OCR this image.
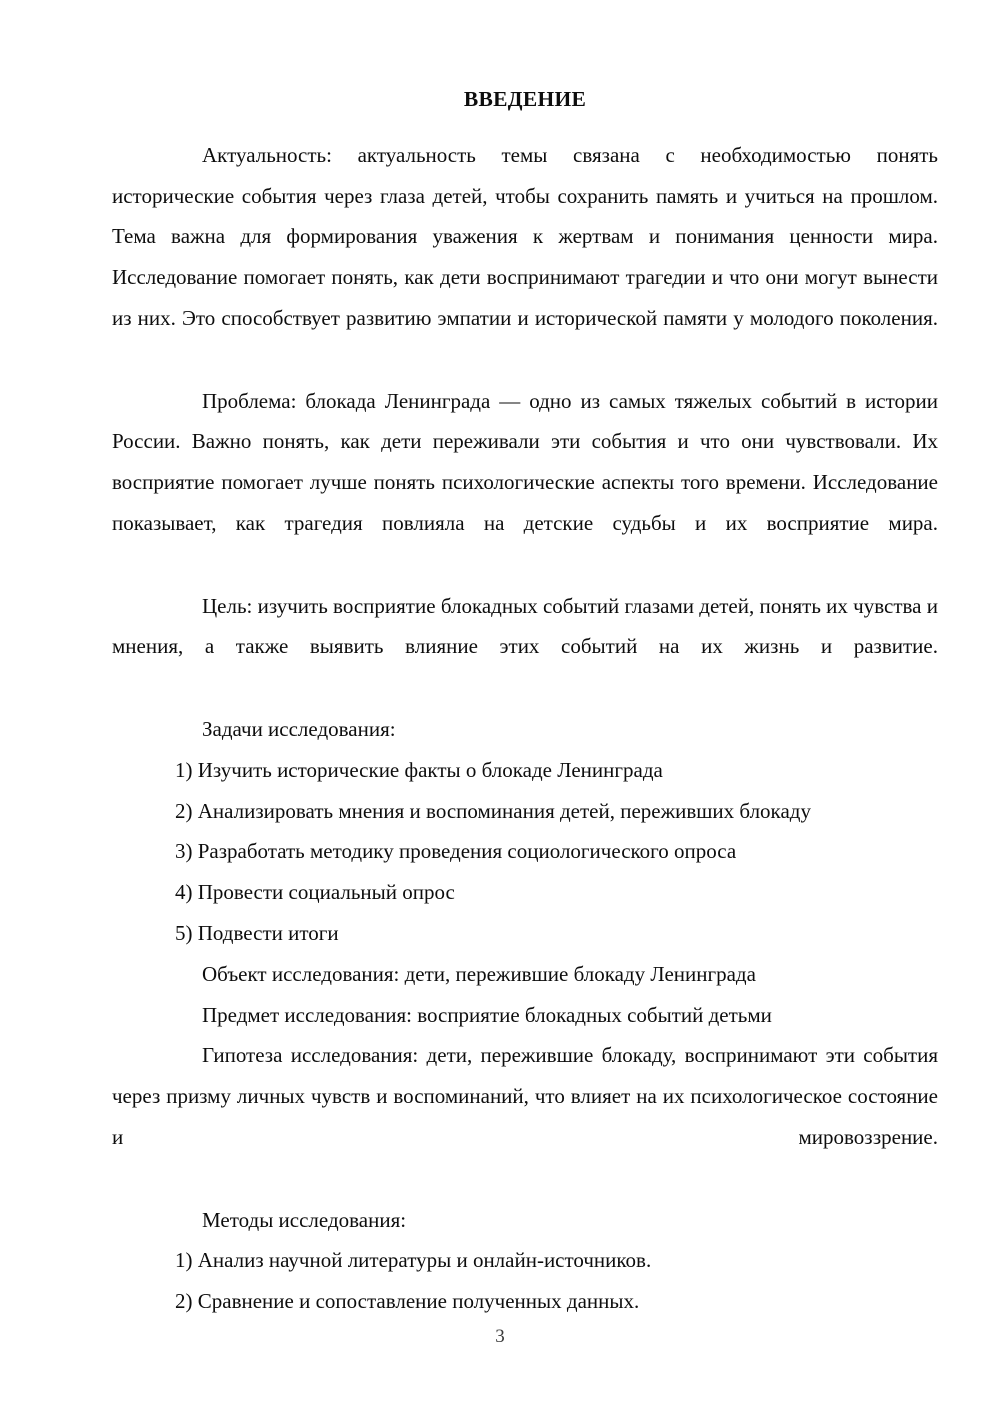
ВВЕДЕНИЕ

Актуальность: актуальность темы связана с необходимостью понять исторические события через глаза детей, чтобы сохранить память и учиться на прошлом. Тема важна для формирования уважения к жертвам и понимания ценности мира. Исследование помогает понять, как дети воспринимают трагедии и что они могут вынести из них. Это способствует развитию эмпатии и исторической памяти у молодого поколения.

Проблема: блокада Ленинграда — одно из самых тяжелых событий в истории России. Важно понять, как дети переживали эти события и что они чувствовали. Их восприятие помогает лучше понять психологические аспекты того времени. Исследование показывает, как трагедия повлияла на детские судьбы и их восприятие мира.

Цель: изучить восприятие блокадных событий глазами детей, понять их чувства и мнения, а также выявить влияние этих событий на их жизнь и развитие.

Задачи исследования:

1) Изучить исторические факты о блокаде Ленинграда
2) Анализировать мнения и воспоминания детей, переживших блокаду
3) Разработать методику проведения социологического опроса
4) Провести социальный опрос
5) Подвести итоги

Объект исследования: дети, пережившие блокаду Ленинграда

Предмет исследования: восприятие блокадных событий детьми

Гипотеза исследования: дети, пережившие блокаду, воспринимают эти события через призму личных чувств и воспоминаний, что влияет на их психологическое состояние и мировоззрение.

Методы исследования:

1) Анализ научной литературы и онлайн-источников.
2) Сравнение и сопоставление полученных данных.
3
